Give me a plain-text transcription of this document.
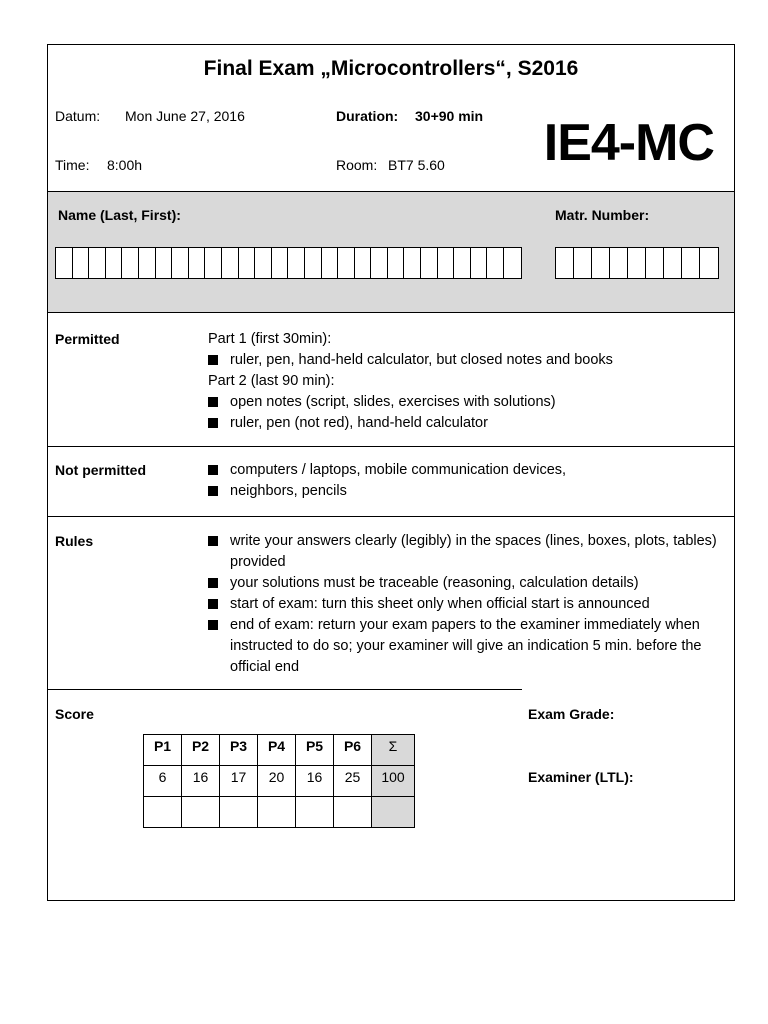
Final Exam „Microcontrollers“, S2016
Datum: Mon June 27, 2016	Duration: 30+90 min
Time: 8:00h	Room: BT7 5.60 IE4-MC
Name (Last, First):	Matr. Number:
Permitted	Part 1 (first 30min):
ruler, pen, hand-held calculator, but closed notes and books
Part 2 (last 90 min):
open notes (script, slides, exercises with solutions)
ruler, pen (not red), hand-held calculator
Not permitted	computers / laptops, mobile communication devices,
neighbors, pencils
Rules	write your answers clearly (legibly) in the spaces (lines, boxes, plots, tables) provided
your solutions must be traceable (reasoning, calculation details)
start of exam: turn this sheet only when official start is announced
end of exam: return your exam papers to the examiner immediately when instructed to do so; your examiner will give an indication 5 min. before the official end
Score	Exam Grade:
Examiner (LTL):
P1	P2	P3	P4	P5	P6	Σ
6	16	17	20	16	25	100
